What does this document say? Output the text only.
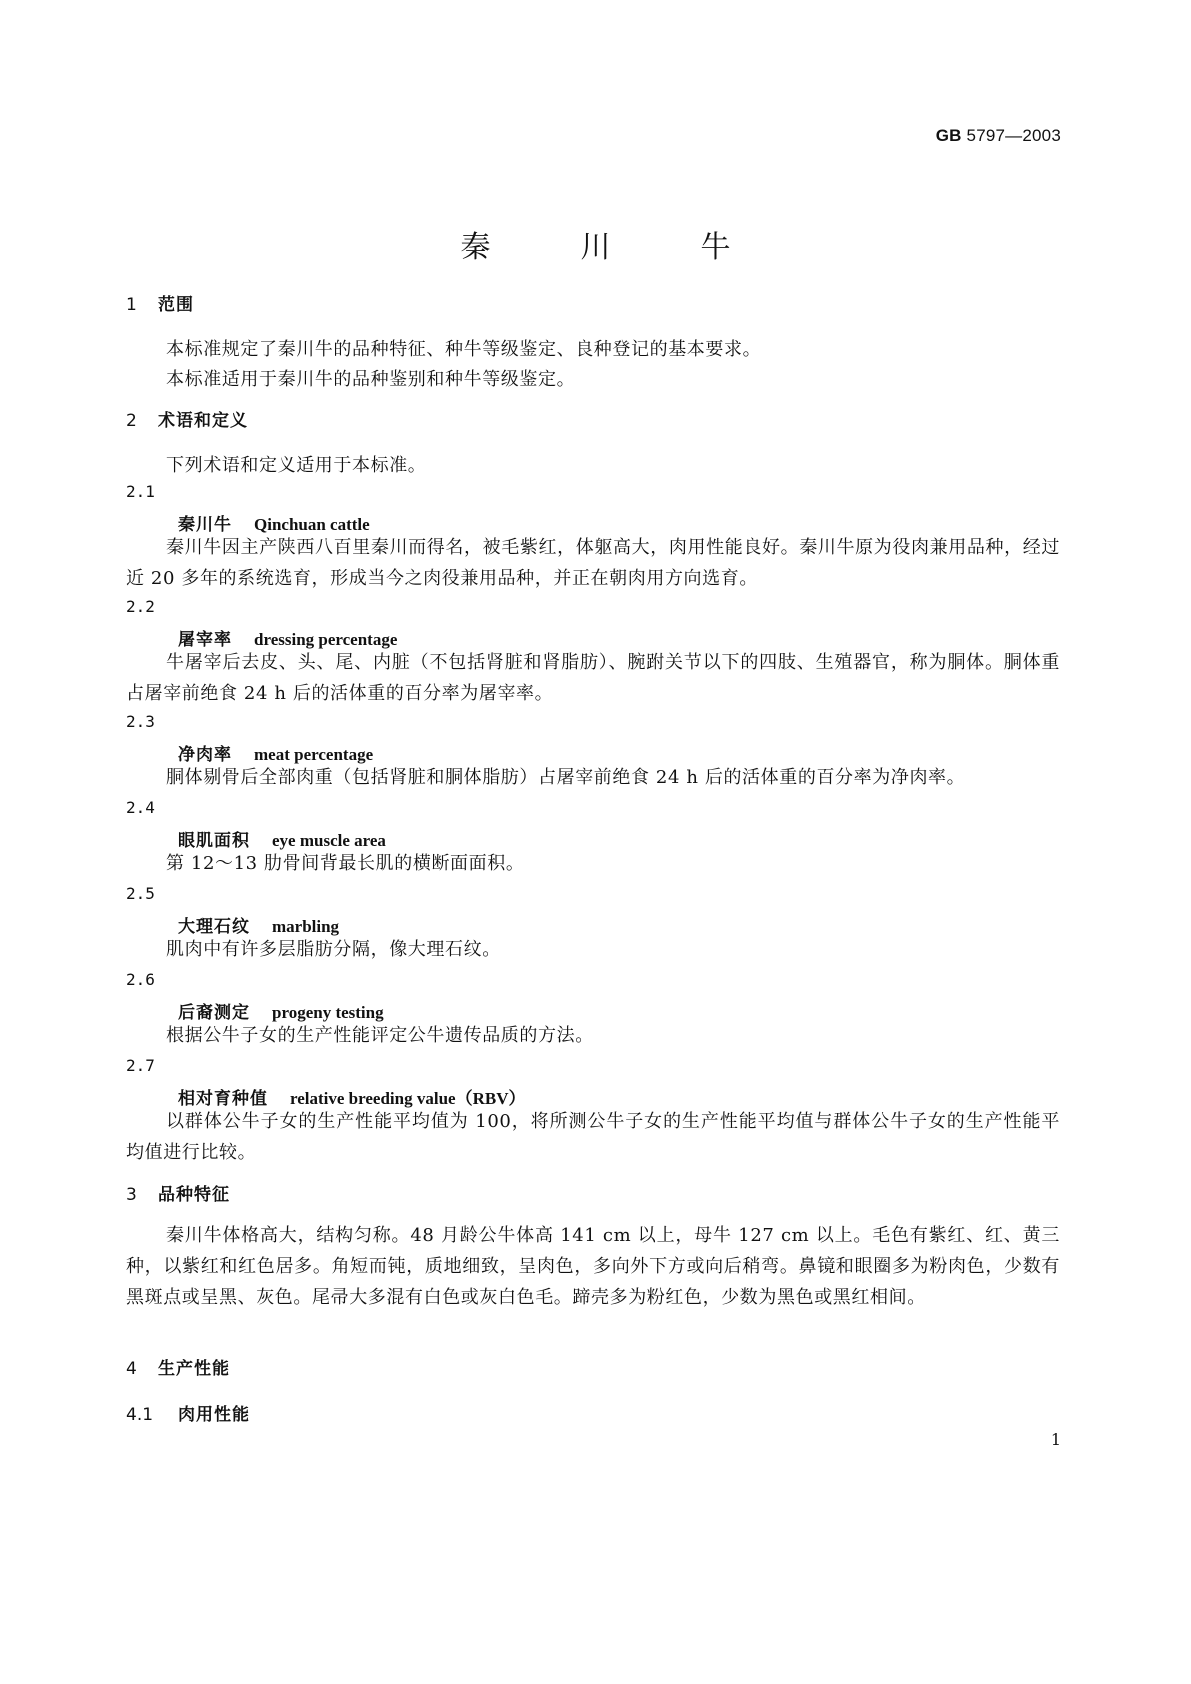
GB 5797—2003
秦川牛
1 范围
本标准规定了秦川牛的品种特征、种牛等级鉴定、良种登记的基本要求。
本标准适用于秦川牛的品种鉴别和种牛等级鉴定。
2 术语和定义
下列术语和定义适用于本标准。
2.1
秦川牛 Qinchuan cattle
秦川牛因主产陕西八百里秦川而得名，被毛紫红，体躯高大，肉用性能良好。秦川牛原为役肉兼用品种，经过近 20 多年的系统选育，形成当今之肉役兼用品种，并正在朝肉用方向选育。
2.2
屠宰率 dressing percentage
牛屠宰后去皮、头、尾、内脏（不包括肾脏和肾脂肪）、腕跗关节以下的四肢、生殖器官，称为胴体。胴体重占屠宰前绝食 24 h 后的活体重的百分率为屠宰率。
2.3
净肉率 meat percentage
胴体剔骨后全部肉重（包括肾脏和胴体脂肪）占屠宰前绝食 24 h 后的活体重的百分率为净肉率。
2.4
眼肌面积 eye muscle area
第 12～13 肋骨间背最长肌的横断面面积。
2.5
大理石纹 marbling
肌肉中有许多层脂肪分隔，像大理石纹。
2.6
后裔测定 progeny testing
根据公牛子女的生产性能评定公牛遗传品质的方法。
2.7
相对育种值 relative breeding value（RBV）
以群体公牛子女的生产性能平均值为 100，将所测公牛子女的生产性能平均值与群体公牛子女的生产性能平均值进行比较。
3 品种特征
秦川牛体格高大，结构匀称。48 月龄公牛体高 141 cm 以上，母牛 127 cm 以上。毛色有紫红、红、黄三种，以紫红和红色居多。角短而钝，质地细致，呈肉色，多向外下方或向后稍弯。鼻镜和眼圈多为粉肉色，少数有黑斑点或呈黑、灰色。尾帚大多混有白色或灰白色毛。蹄壳多为粉红色，少数为黑色或黑红相间。
4 生产性能
4.1 肉用性能
1
